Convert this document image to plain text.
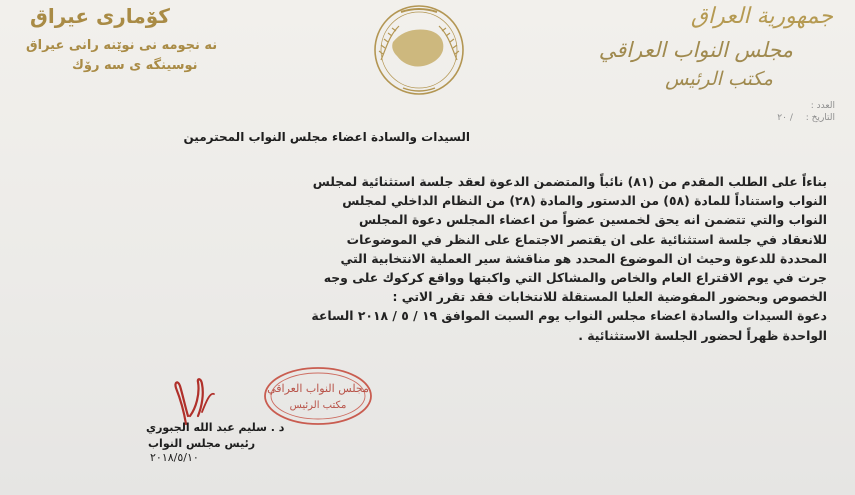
جمهورية العراق
مجلس النواب العراقي
مكتب الرئيس
كۆمارى عيراق
نه نجومه نى نوێنه رانى عيراق
نوسينگه ى سه رۆك
العدد :
التاريخ : / ٢٠
السيدات والسادة اعضاء مجلس النواب المحترمين

بناءاً على الطلب المقدم من (٨١) نائباً والمتضمن الدعوة لعقد جلسة استثنائية لمجلس
النواب واستناداً للمادة (٥٨) من الدستور والمادة (٢٨) من النظام الداخلي لمجلس
النواب والتي تتضمن انه يحق لخمسين عضواً من اعضاء المجلس دعوة المجلس
للانعقاد في جلسة استثنائية على ان يقتصر الاجتماع على النظر في الموضوعات
المحددة للدعوة وحيث ان الموضوع المحدد هو مناقشة سير العملية الانتخابية التي
جرت في يوم الاقتراع العام والخاص والمشاكل التي واكبتها وواقع كركوك على وجه
الخصوص وبحضور المفوضية العليا المستقلة للانتخابات فقد تقرر الاتي :
دعوة السيدات والسادة اعضاء مجلس النواب يوم السبت الموافق ١٩ / ٥ / ٢٠١٨ الساعة
الواحدة ظهراً لحضور الجلسة الاستثنائية .

مجلس النواب العراقي
مكتب الرئيس
د . سليم عبد الله الجبوري
رئيس مجلس النواب
٢٠١٨/٥/١٠
